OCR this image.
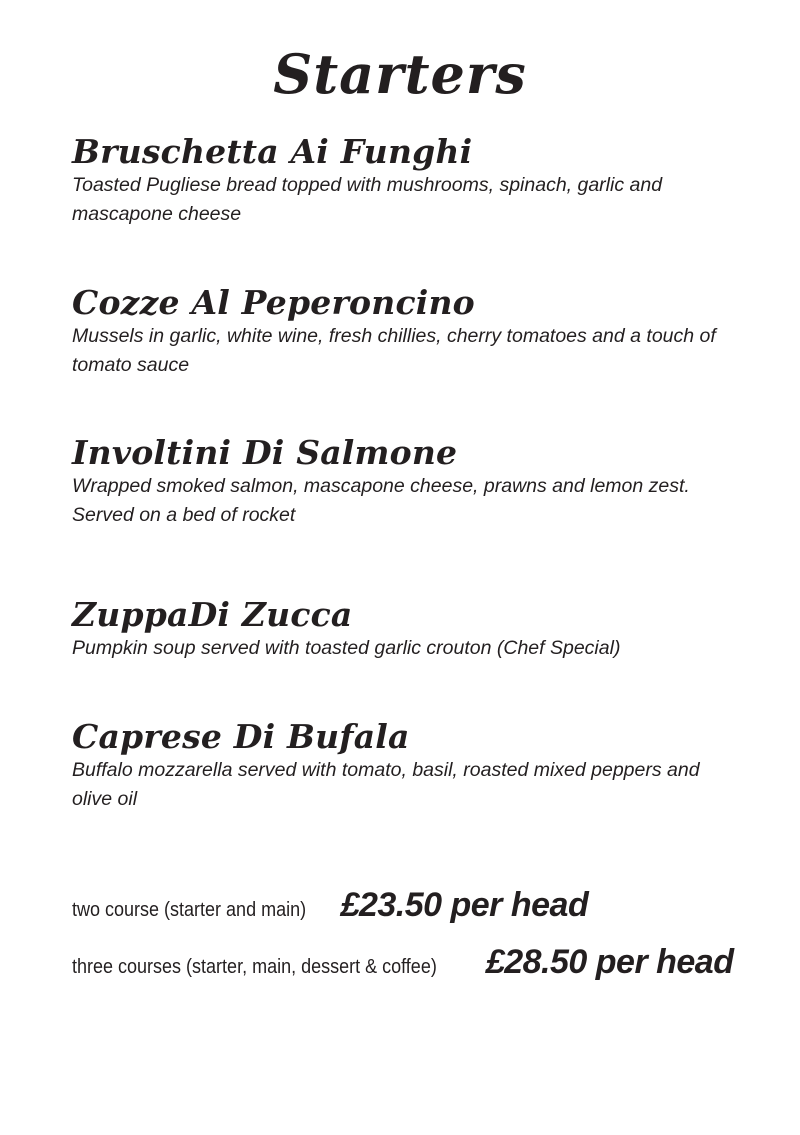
Starters
Bruschetta Ai Funghi

Toasted Pugliese bread topped with mushrooms, spinach, garlic and mascapone cheese

Cozze Al Peperoncino

Mussels in garlic, white wine, fresh chillies, cherry tomatoes and a touch of tomato sauce

Involtini Di Salmone

Wrapped smoked salmon, mascapone cheese, prawns and lemon zest. Served on a bed of rocket

ZuppaDi Zucca

Pumpkin soup served with toasted garlic crouton (Chef Special)

Caprese Di Bufala

Buffalo mozzarella served with tomato, basil, roasted mixed peppers and olive oil

two course (starter and main) £23.50 per head
three courses (starter, main, dessert & coffee) £28.50 per head
